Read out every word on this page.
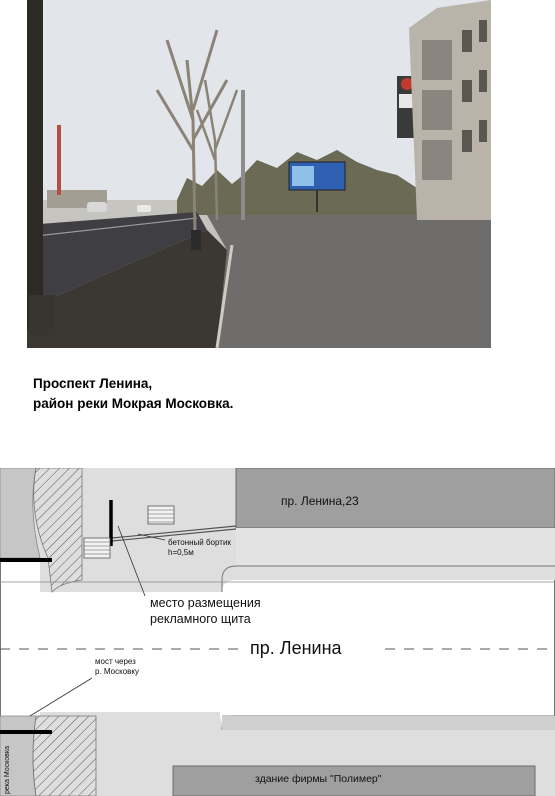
Проспект Ленина,
район реки Мокрая Московка.
пр. Ленина,23
бетонный бортик
h=0,5м
место размещения
рекламного щита
пр. Ленина
мост через
р. Московку
здание фирмы "Полимер"
река Московка
